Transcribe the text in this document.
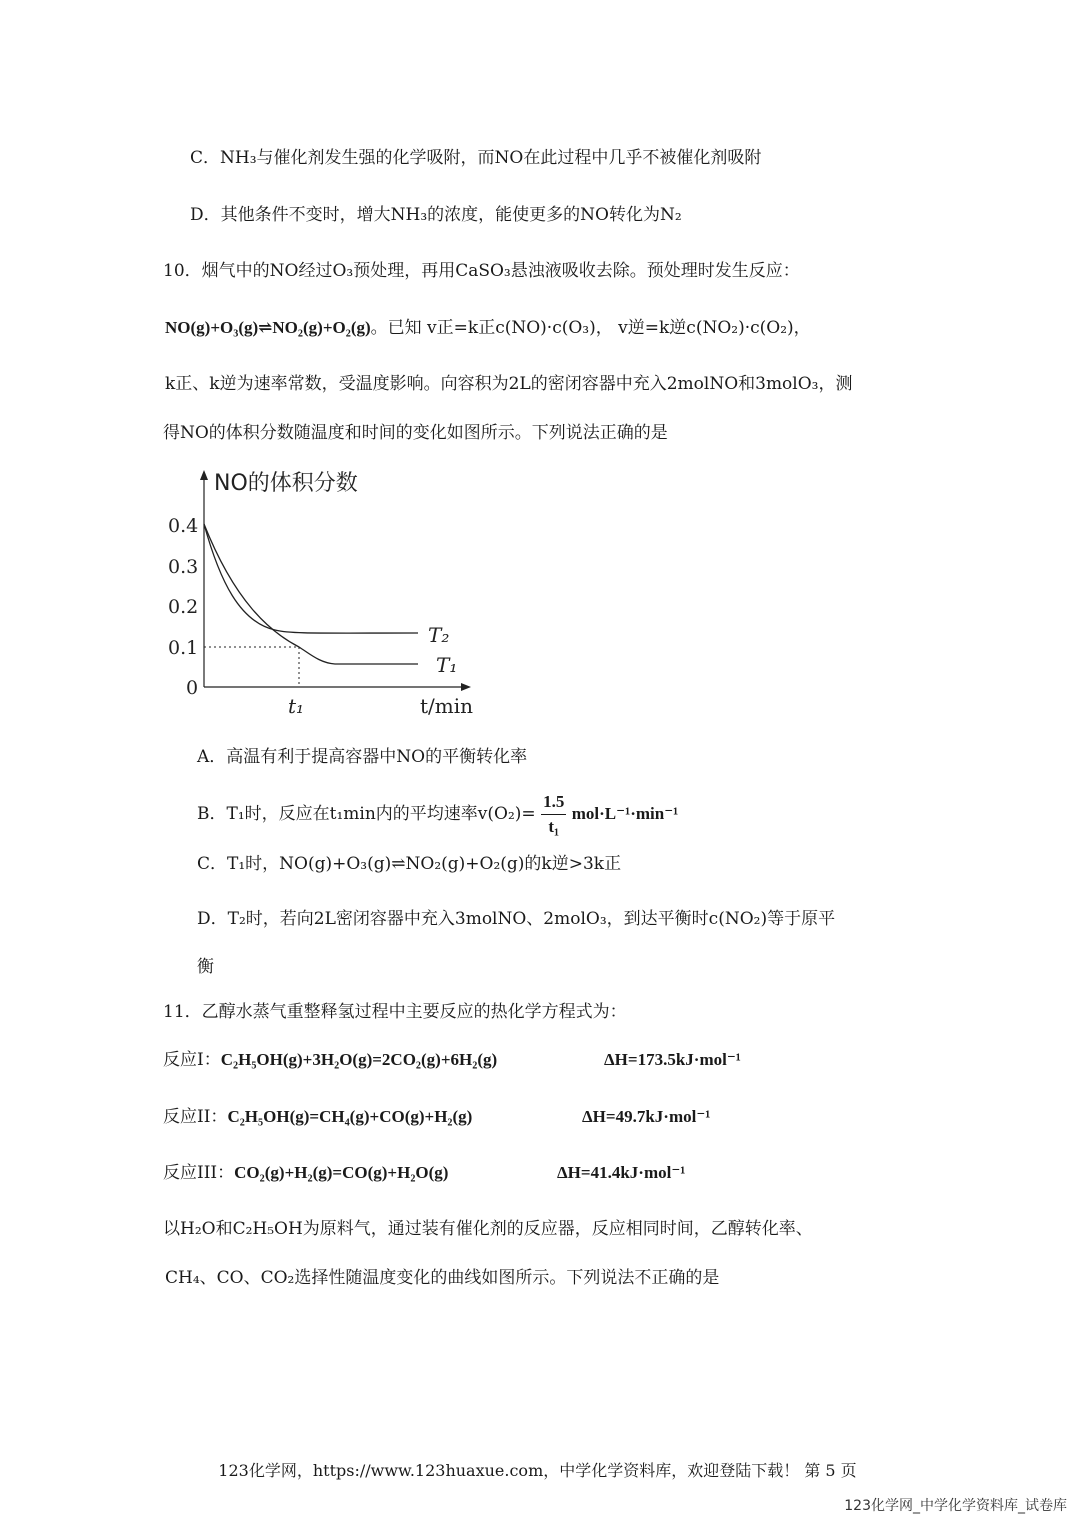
C．NH₃与催化剂发生强的化学吸附，而NO在此过程中几乎不被催化剂吸附
D．其他条件不变时，增大NH₃的浓度，能使更多的NO转化为N₂
10．烟气中的NO经过O₃预处理，再用CaSO₃悬浊液吸收去除。预处理时发生反应：
NO(g)+O₃(g)⇌NO₂(g)+O₂(g)。已知 v正=k正c(NO)·c(O₃)， v逆=k逆c(NO₂)·c(O₂)，
k正、k逆为速率常数，受温度影响。向容积为2L的密闭容器中充入2molNO和3molO₃，测
得NO的体积分数随温度和时间的变化如图所示。下列说法正确的是
NO的体积分数
0.4
0.3
0.2
0.1
0
T₂
T₁
t₁	t/min
A．高温有利于提高容器中NO的平衡转化率
B．T₁时，反应在t₁min内的平均速率$v(O_2)= \frac{1.5}{\text{t₁}} mol\cdot L^{-1}\cdot\min^{-1}$
C．T₁时，NO(g)+O₃(g)⇌NO₂(g)+O₂(g)的k逆>3k正
D．T₂时，若向2L密闭容器中充入3molNO、2molO₃，到达平衡时c(NO₂)等于原平
衡
11．乙醇水蒸气重整释氢过程中主要反应的热化学方程式为：
反应I：C₂H₅OH(g)+3H₂O(g)=2CO₂(g)+6H₂(g)	ΔH=173.5kJ·mol⁻¹
反应II：C₂H₅OH(g)=CH₄(g)+CO(g)+H₂(g)	ΔH=49.7kJ·mol⁻¹
反应III：CO₂(g)+H₂(g)=CO(g)+H₂O(g)	ΔH=41.4kJ·mol⁻¹
以H₂O和C₂H₅OH为原料气，通过装有催化剂的反应器，反应相同时间，乙醇转化率、
CH₄、CO、CO₂选择性随温度变化的曲线如图所示。下列说法不正确的是
123化学网，https://www.123huaxue.com，中学化学资料库，欢迎登陆下载！ 第 5 页
123化学网_中学化学资料库_试卷库
